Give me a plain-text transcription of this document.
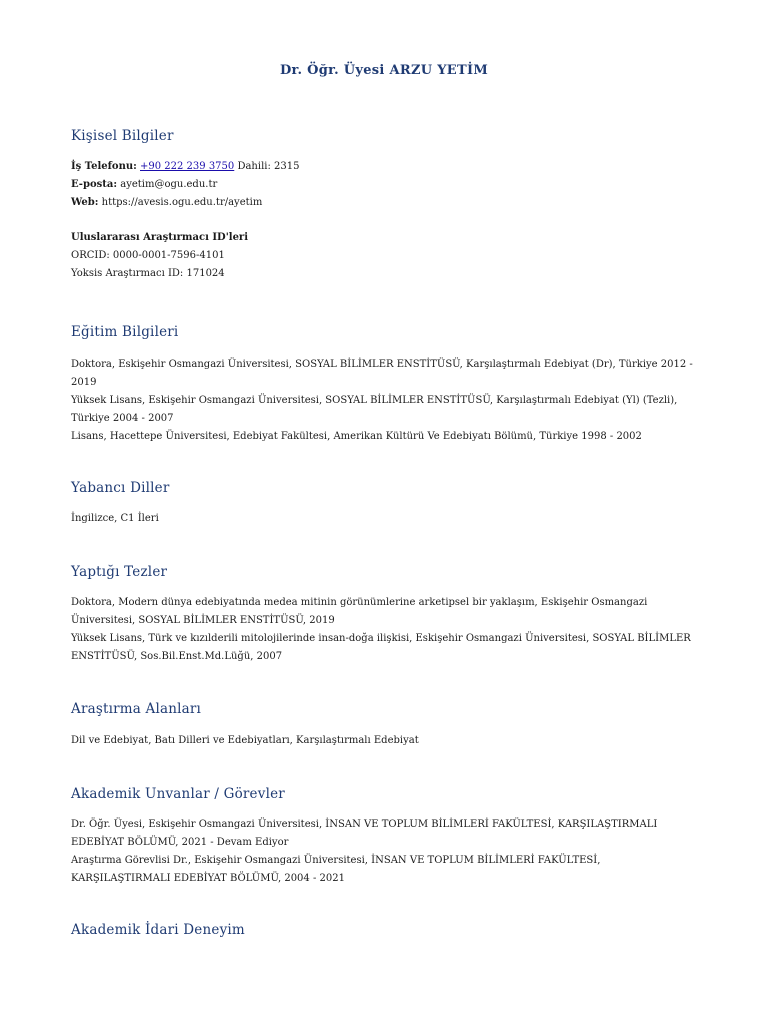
Dr. Öğr. Üyesi ARZU YETİM
Kişisel Bilgiler

İş Telefonu: +90 222 239 3750 Dahili: 2315

E-posta: ayetim@ogu.edu.tr

Web: https://avesis.ogu.edu.tr/ayetim

Uluslararası Araştırmacı ID'leri

ORCID: 0000-0001-7596-4101

Yoksis Araştırmacı ID: 171024

Eğitim Bilgileri

Doktora, Eskişehir Osmangazi Üniversitesi, SOSYAL BİLİMLER ENSTİTÜSÜ, Karşılaştırmalı Edebiyat (Dr), Türkiye 2012 - 2019

Yüksek Lisans, Eskişehir Osmangazi Üniversitesi, SOSYAL BİLİMLER ENSTİTÜSÜ, Karşılaştırmalı Edebiyat (Yl) (Tezli), Türkiye 2004 - 2007

Lisans, Hacettepe Üniversitesi, Edebiyat Fakültesi, Amerikan Kültürü Ve Edebiyatı Bölümü, Türkiye 1998 - 2002

Yabancı Diller

İngilizce, C1 İleri

Yaptığı Tezler

Doktora, Modern dünya edebiyatında medea mitinin görünümlerine arketipsel bir yaklaşım, Eskişehir Osmangazi Üniversitesi, SOSYAL BİLİMLER ENSTİTÜSÜ, 2019

Yüksek Lisans, Türk ve kızılderili mitolojilerinde insan-doğa ilişkisi, Eskişehir Osmangazi Üniversitesi, SOSYAL BİLİMLER ENSTİTÜSÜ, Sos.Bil.Enst.Md.Lüğü, 2007

Araştırma Alanları

Dil ve Edebiyat, Batı Dilleri ve Edebiyatları, Karşılaştırmalı Edebiyat

Akademik Unvanlar / Görevler

Dr. Öğr. Üyesi, Eskişehir Osmangazi Üniversitesi, İNSAN VE TOPLUM BİLİMLERİ FAKÜLTESİ, KARŞILAŞTIRMALI EDEBİYAT BÖLÜMÜ, 2021 - Devam Ediyor

Araştırma Görevlisi Dr., Eskişehir Osmangazi Üniversitesi, İNSAN VE TOPLUM BİLİMLERİ FAKÜLTESİ, KARŞILAŞTIRMALI EDEBİYAT BÖLÜMÜ, 2004 - 2021

Akademik İdari Deneyim
